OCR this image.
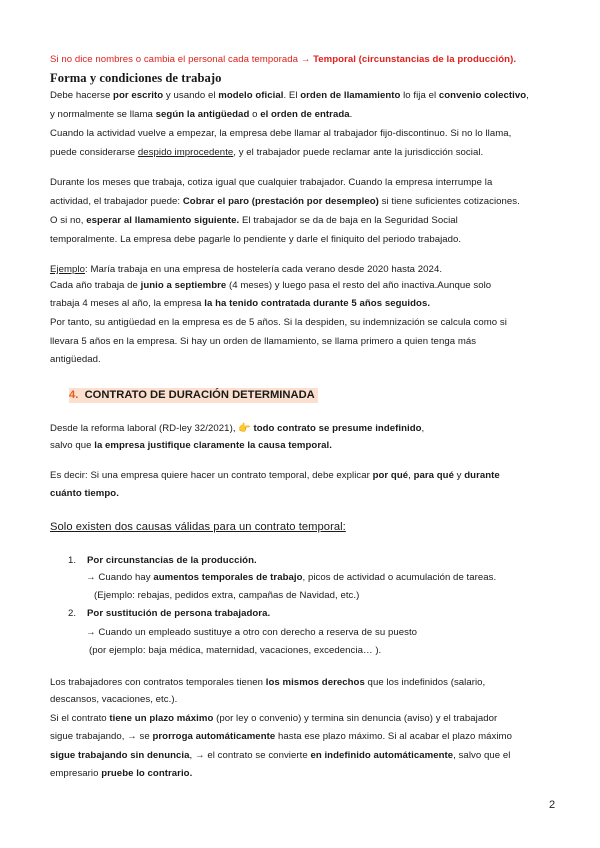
Si no dice nombres o cambia el personal cada temporada → Temporal (circunstancias de la producción).
Forma y condiciones de trabajo
Debe hacerse por escrito y usando el modelo oficial. El orden de llamamiento lo fija el convenio colectivo,
y normalmente se llama según la antigüedad o el orden de entrada.
Cuando la actividad vuelve a empezar, la empresa debe llamar al trabajador fijo-discontinuo. Si no lo llama,
puede considerarse despido improcedente, y el trabajador puede reclamar ante la jurisdicción social.
Durante los meses que trabaja, cotiza igual que cualquier trabajador. Cuando la empresa interrumpe la
actividad, el trabajador puede: Cobrar el paro (prestación por desempleo) si tiene suficientes cotizaciones.
O si no, esperar al llamamiento siguiente. El trabajador se da de baja en la Seguridad Social
temporalmente. La empresa debe pagarle lo pendiente y darle el finiquito del periodo trabajado.
Ejemplo: María trabaja en una empresa de hostelería cada verano desde 2020 hasta 2024.
Cada año trabaja de junio a septiembre (4 meses) y luego pasa el resto del año inactiva.Aunque solo
trabaja 4 meses al año, la empresa la ha tenido contratada durante 5 años seguidos.
Por tanto, su antigüedad en la empresa es de 5 años. Si la despiden, su indemnización se calcula como si
llevara 5 años en la empresa. Si hay un orden de llamamiento, se llama primero a quien tenga más
antigüedad.
4. CONTRATO DE DURACIÓN DETERMINADA
Desde la reforma laboral (RD-ley 32/2021), 👉 todo contrato se presume indefinido,
salvo que la empresa justifique claramente la causa temporal.
Es decir: Si una empresa quiere hacer un contrato temporal, debe explicar por qué, para qué y durante
cuánto tiempo.
Solo existen dos causas válidas para un contrato temporal:
1. Por circunstancias de la producción.
→ Cuando hay aumentos temporales de trabajo, picos de actividad o acumulación de tareas.
(Ejemplo: rebajas, pedidos extra, campañas de Navidad, etc.)
2. Por sustitución de persona trabajadora.
→ Cuando un empleado sustituye a otro con derecho a reserva de su puesto
(por ejemplo: baja médica, maternidad, vacaciones, excedencia… ).
Los trabajadores con contratos temporales tienen los mismos derechos que los indefinidos (salario,
descansos, vacaciones, etc.).
Si el contrato tiene un plazo máximo (por ley o convenio) y termina sin denuncia (aviso) y el trabajador
sigue trabajando, → se prorroga automáticamente hasta ese plazo máximo. Si al acabar el plazo máximo
sigue trabajando sin denuncia, → el contrato se convierte en indefinido automáticamente, salvo que el
empresario pruebe lo contrario.
2
